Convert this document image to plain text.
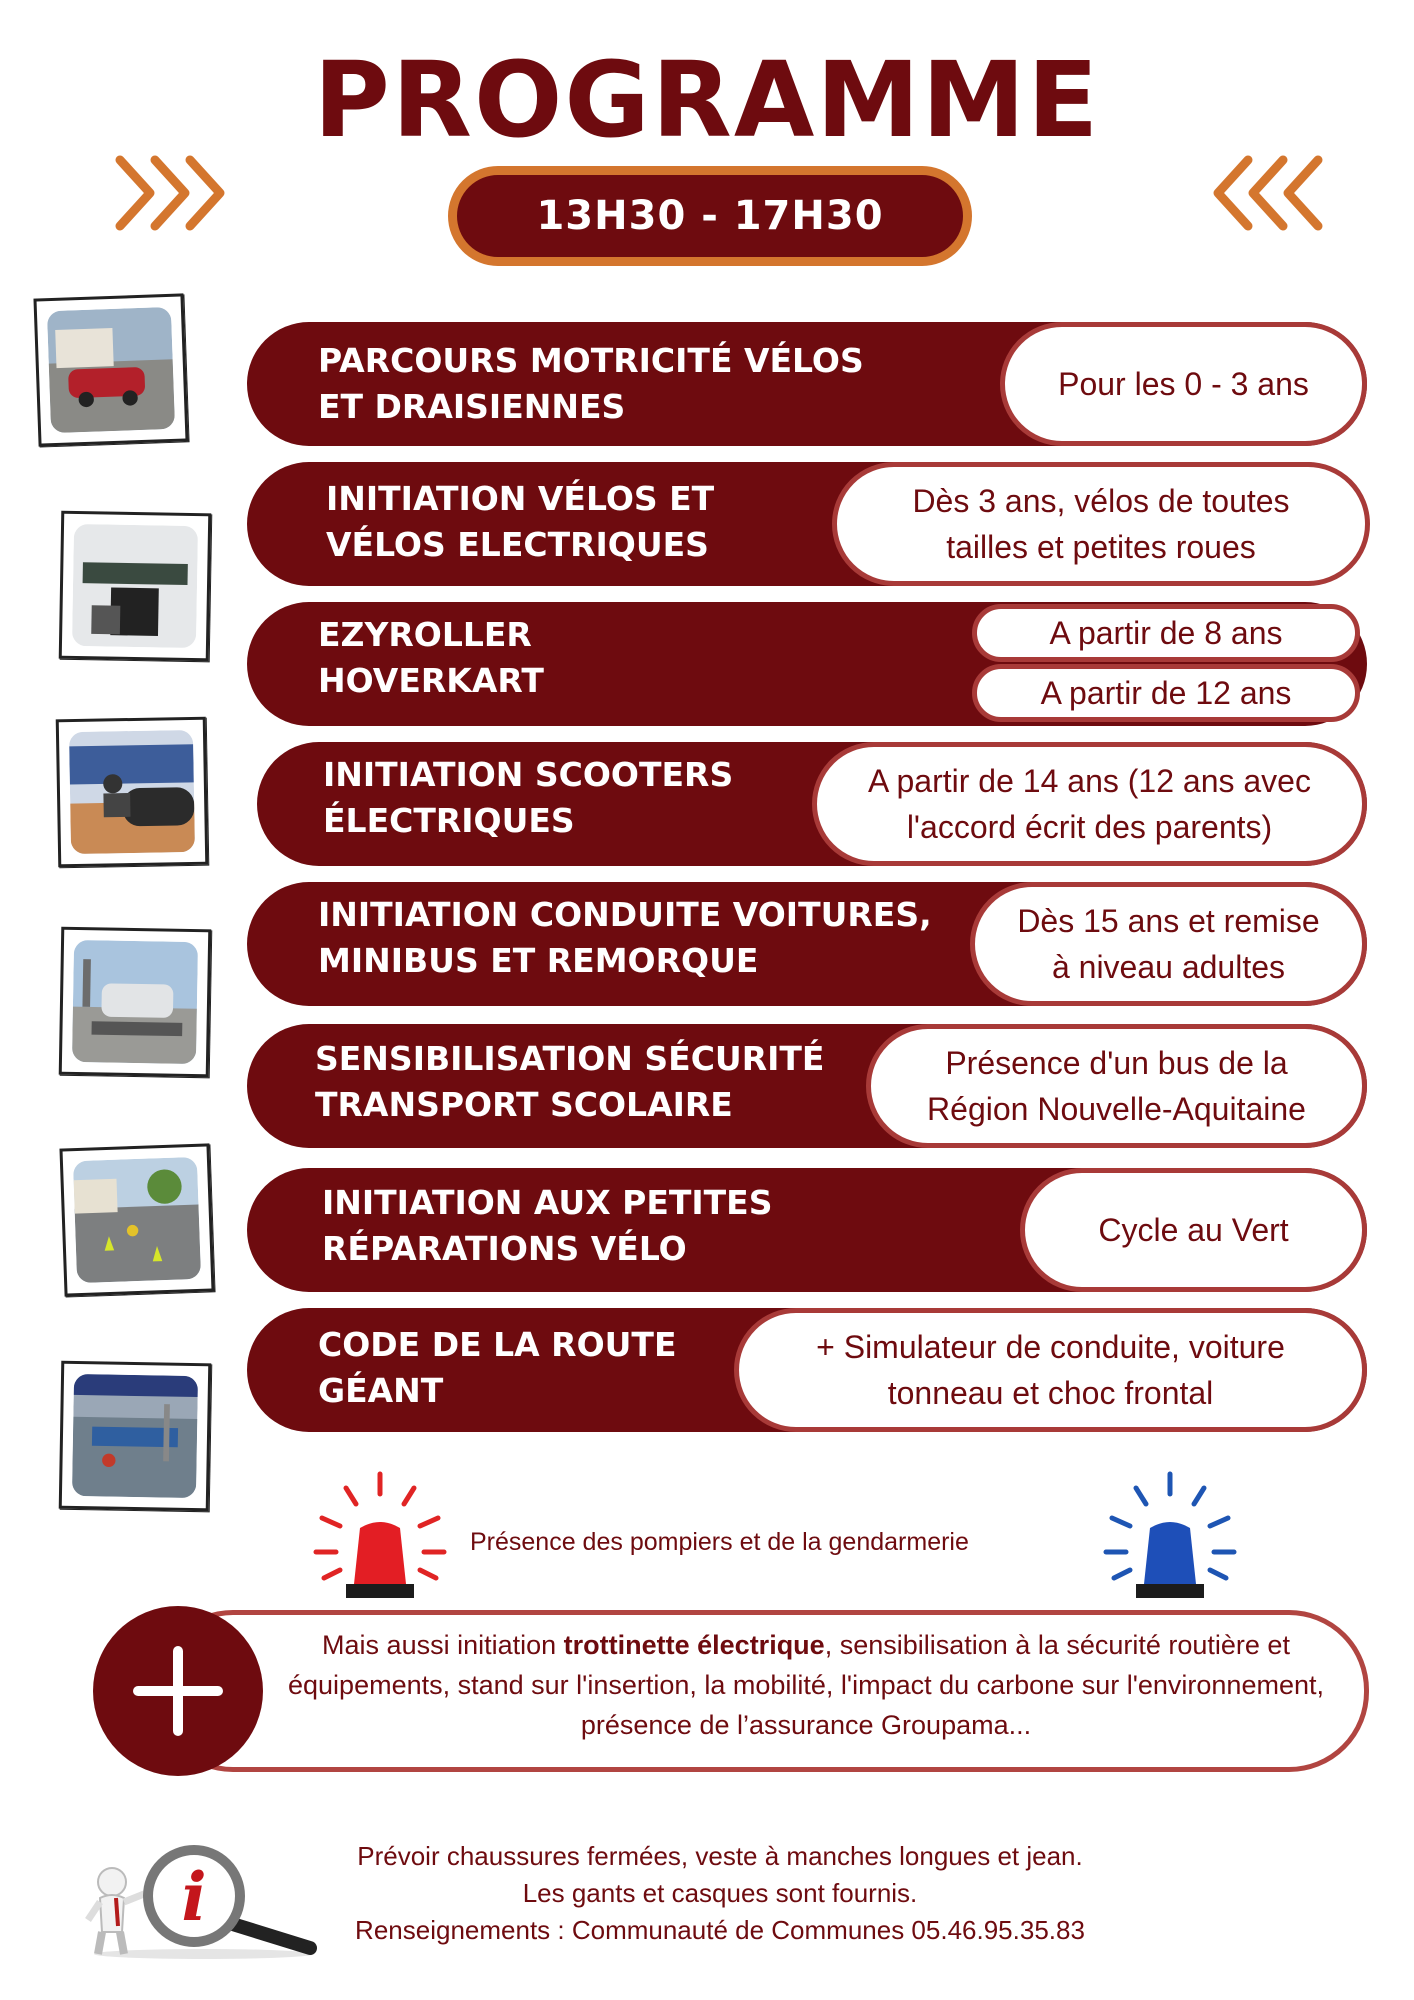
PROGRAMME
13H30 - 17H30
PARCOURS MOTRICITÉ VÉLOS
ET DRAISIENNES
Pour les 0 - 3 ans
INITIATION VÉLOS ET
VÉLOS ELECTRIQUES
Dès 3 ans, vélos de toutes
tailles et petites roues
EZYROLLER
HOVERKART
A partir de 8 ans
A partir de 12 ans
INITIATION SCOOTERS
ÉLECTRIQUES
A partir de 14 ans (12 ans avec
l'accord écrit des parents)
INITIATION CONDUITE VOITURES,
MINIBUS ET REMORQUE
Dès 15 ans et remise
à niveau adultes
SENSIBILISATION SÉCURITÉ
TRANSPORT SCOLAIRE
Présence d'un bus de la
Région Nouvelle-Aquitaine
INITIATION AUX PETITES
RÉPARATIONS VÉLO	Cycle au Vert
CODE DE LA ROUTE
GÉANT
+ Simulateur de conduite, voiture
tonneau et choc frontal
Présence des pompiers et de la gendarmerie
Mais aussi initiation trottinette électrique, sensibilisation à la sécurité routière et équipements, stand sur l'insertion, la mobilité, l'impact du carbone sur l'environnement, présence de l’assurance Groupama...
i
Prévoir chaussures fermées, veste à manches longues et jean.
Les gants et casques sont fournis.
Renseignements : Communauté de Communes 05.46.95.35.83
